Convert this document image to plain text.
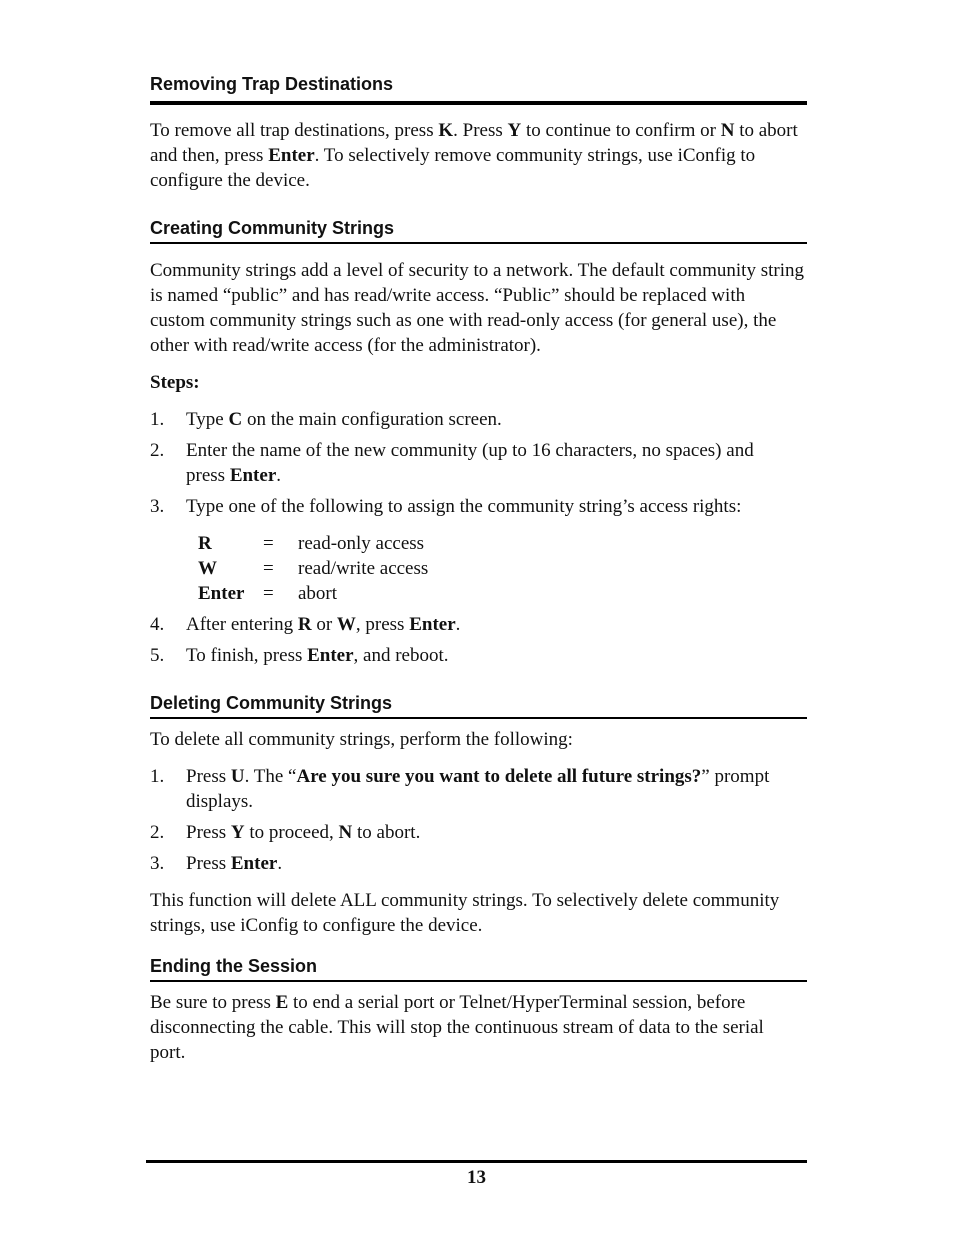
Removing Trap Destinations

To remove all trap destinations, press K. Press Y to continue to confirm or N to abort

and then, press Enter. To selectively remove community strings, use iConfig to

configure the device.

Creating Community Strings

Community strings add a level of security to a network. The default community string

is named “public” and has read/write access. “Public” should be replaced with

custom community strings such as one with read-only access (for general use), the

other with read/write access (for the administrator).

Steps:
1.	Type C on the main configuration screen.
2.	Enter the name of the new community (up to 16 characters, no spaces) and
press Enter.
3.	Type one of the following to assign the community string’s access rights:
R	=	read-only access
W	=	read/write access
Enter =	abort
4.	After entering R or W, press Enter.
5.	To finish, press Enter, and reboot.
Deleting Community Strings

To delete all community strings, perform the following:

1.	Press U. The “Are you sure you want to delete all future strings?” prompt
displays.
2.	Press Y to proceed, N to abort.
3.	Press Enter.

This function will delete ALL community strings. To selectively delete community

strings, use iConfig to configure the device.

Ending the Session

Be sure to press E to end a serial port or Telnet/HyperTerminal session, before

disconnecting the cable. This will stop the continuous stream of data to the serial

port.

13
